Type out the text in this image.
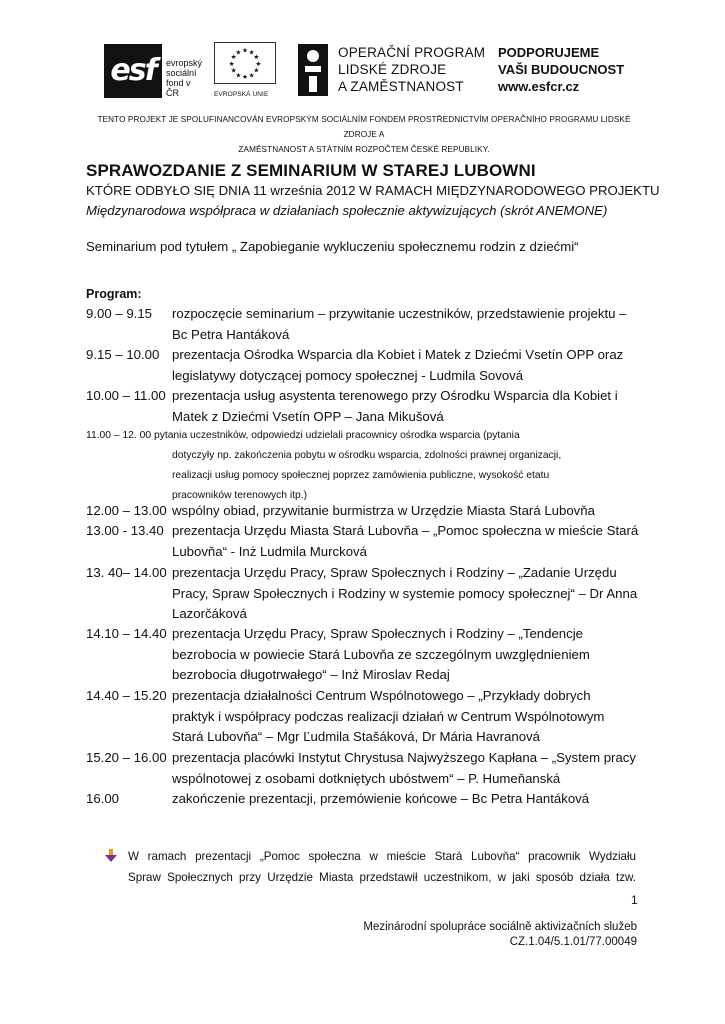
esf	evropský
sociální
fond v ČR
★ ★
★
★
★
★
★
★
★
★
★
★
EVROPSKÁ UNIE
OPERAČNÍ PROGRAM
LIDSKÉ ZDROJE
A ZAMĚSTNANOST
PODPORUJEME
VAŠI BUDOUCNOST
www.esfcr.cz
TENTO PROJEKT JE SPOLUFINANCOVÁN EVROPSKÝM SOCIÁLNÍM FONDEM PROSTŘEDNICTVÍM OPERAČNÍHO PROGRAMU LIDSKÉ ZDROJE A
ZAMĚSTNANOST A STÁTNÍM ROZPOČTEM ČESKÉ REPUBLIKY.
SPRAWOZDANIE Z SEMINARIUM W STAREJ LUBOWNI
KTÓRE ODBYŁO SIĘ DNIA 11 września 2012 W RAMACH MIĘDZYNARODOWEGO PROJEKTU
Międzynarodowa współpraca w działaniach społecznie aktywizujących (skrót ANEMONE)
Seminarium pod tytułem „ Zapobieganie wykluczeniu społecznemu rodzin z dziećmi“
Program:
9.00 – 9.15 rozpoczęcie seminarium – przywitanie uczestników, przedstawienie projektu –
Bc Petra Hantáková
9.15 – 10.00 prezentacja Ośrodka Wsparcia dla Kobiet i Matek z Dziećmi Vsetín OPP oraz
legislatywy dotyczącej pomocy społecznej - Ludmila Sovová
10.00 – 11.00 prezentacja usług asystenta terenowego przy Ośrodku Wsparcia dla Kobiet i
Matek z Dziećmi Vsetín OPP – Jana Mikušová
11.00 – 12. 00 pytania uczestników, odpowiedzi udzielali pracownicy ośrodka wsparcia (pytania
dotyczyły np. zakończenia pobytu w ośrodku wsparcia, zdolności prawnej organizacji,
realizacji usług pomocy społecznej poprzez zamówienia publiczne, wysokość etatu
pracowników terenowych itp.)
12.00 – 13.00 wspólny obiad, przywitanie burmistrza w Urzędzie Miasta Stará Lubovňa
13.00 - 13.40 prezentacja Urzędu Miasta Stará Lubovňa – „Pomoc społeczna w mieście Stará
Lubovňa“ - Inż Ludmila Murcková
13. 40– 14.00 prezentacja Urzędu Pracy, Spraw Społecznych i Rodziny – „Zadanie Urzędu
Pracy, Spraw Społecznych i Rodziny w systemie pomocy społecznej“ – Dr Anna
Lazorčáková
14.10 – 14.40 prezentacja Urzędu Pracy, Spraw Społecznych i Rodziny – „Tendencje
bezrobocia w powiecie Stará Lubovňa ze szczególnym uwzględnieniem
bezrobocia długotrwałego“ – Inż Miroslav Redaj
14.40 – 15.20 prezentacja działalności Centrum Wspólnotowego – „Przykłady dobrych
praktyk i współpracy podczas realizacji działań w Centrum Wspólnotowym
Stará Lubovňa“ – Mgr Ľudmila Stašáková, Dr Mária Havranová
15.20 – 16.00 prezentacja placówki Instytut Chrystusa Najwyższego Kapłana – „System pracy
wspólnotowej z osobami dotkniętych ubóstwem“ – P. Humeňanská
16.00	zakończenie prezentacji, przemówienie końcowe – Bc Petra Hantáková
W ramach prezentacji „Pomoc społeczna w mieście Stará Lubovňa“ pracownik Wydziału
Spraw Społecznych przy Urzędzie Miasta przedstawił uczestnikom, w jaki sposób działa tzw.
1
Mezinárodní spolupráce sociálně aktivizačních služeb
CZ.1.04/5.1.01/77.00049
